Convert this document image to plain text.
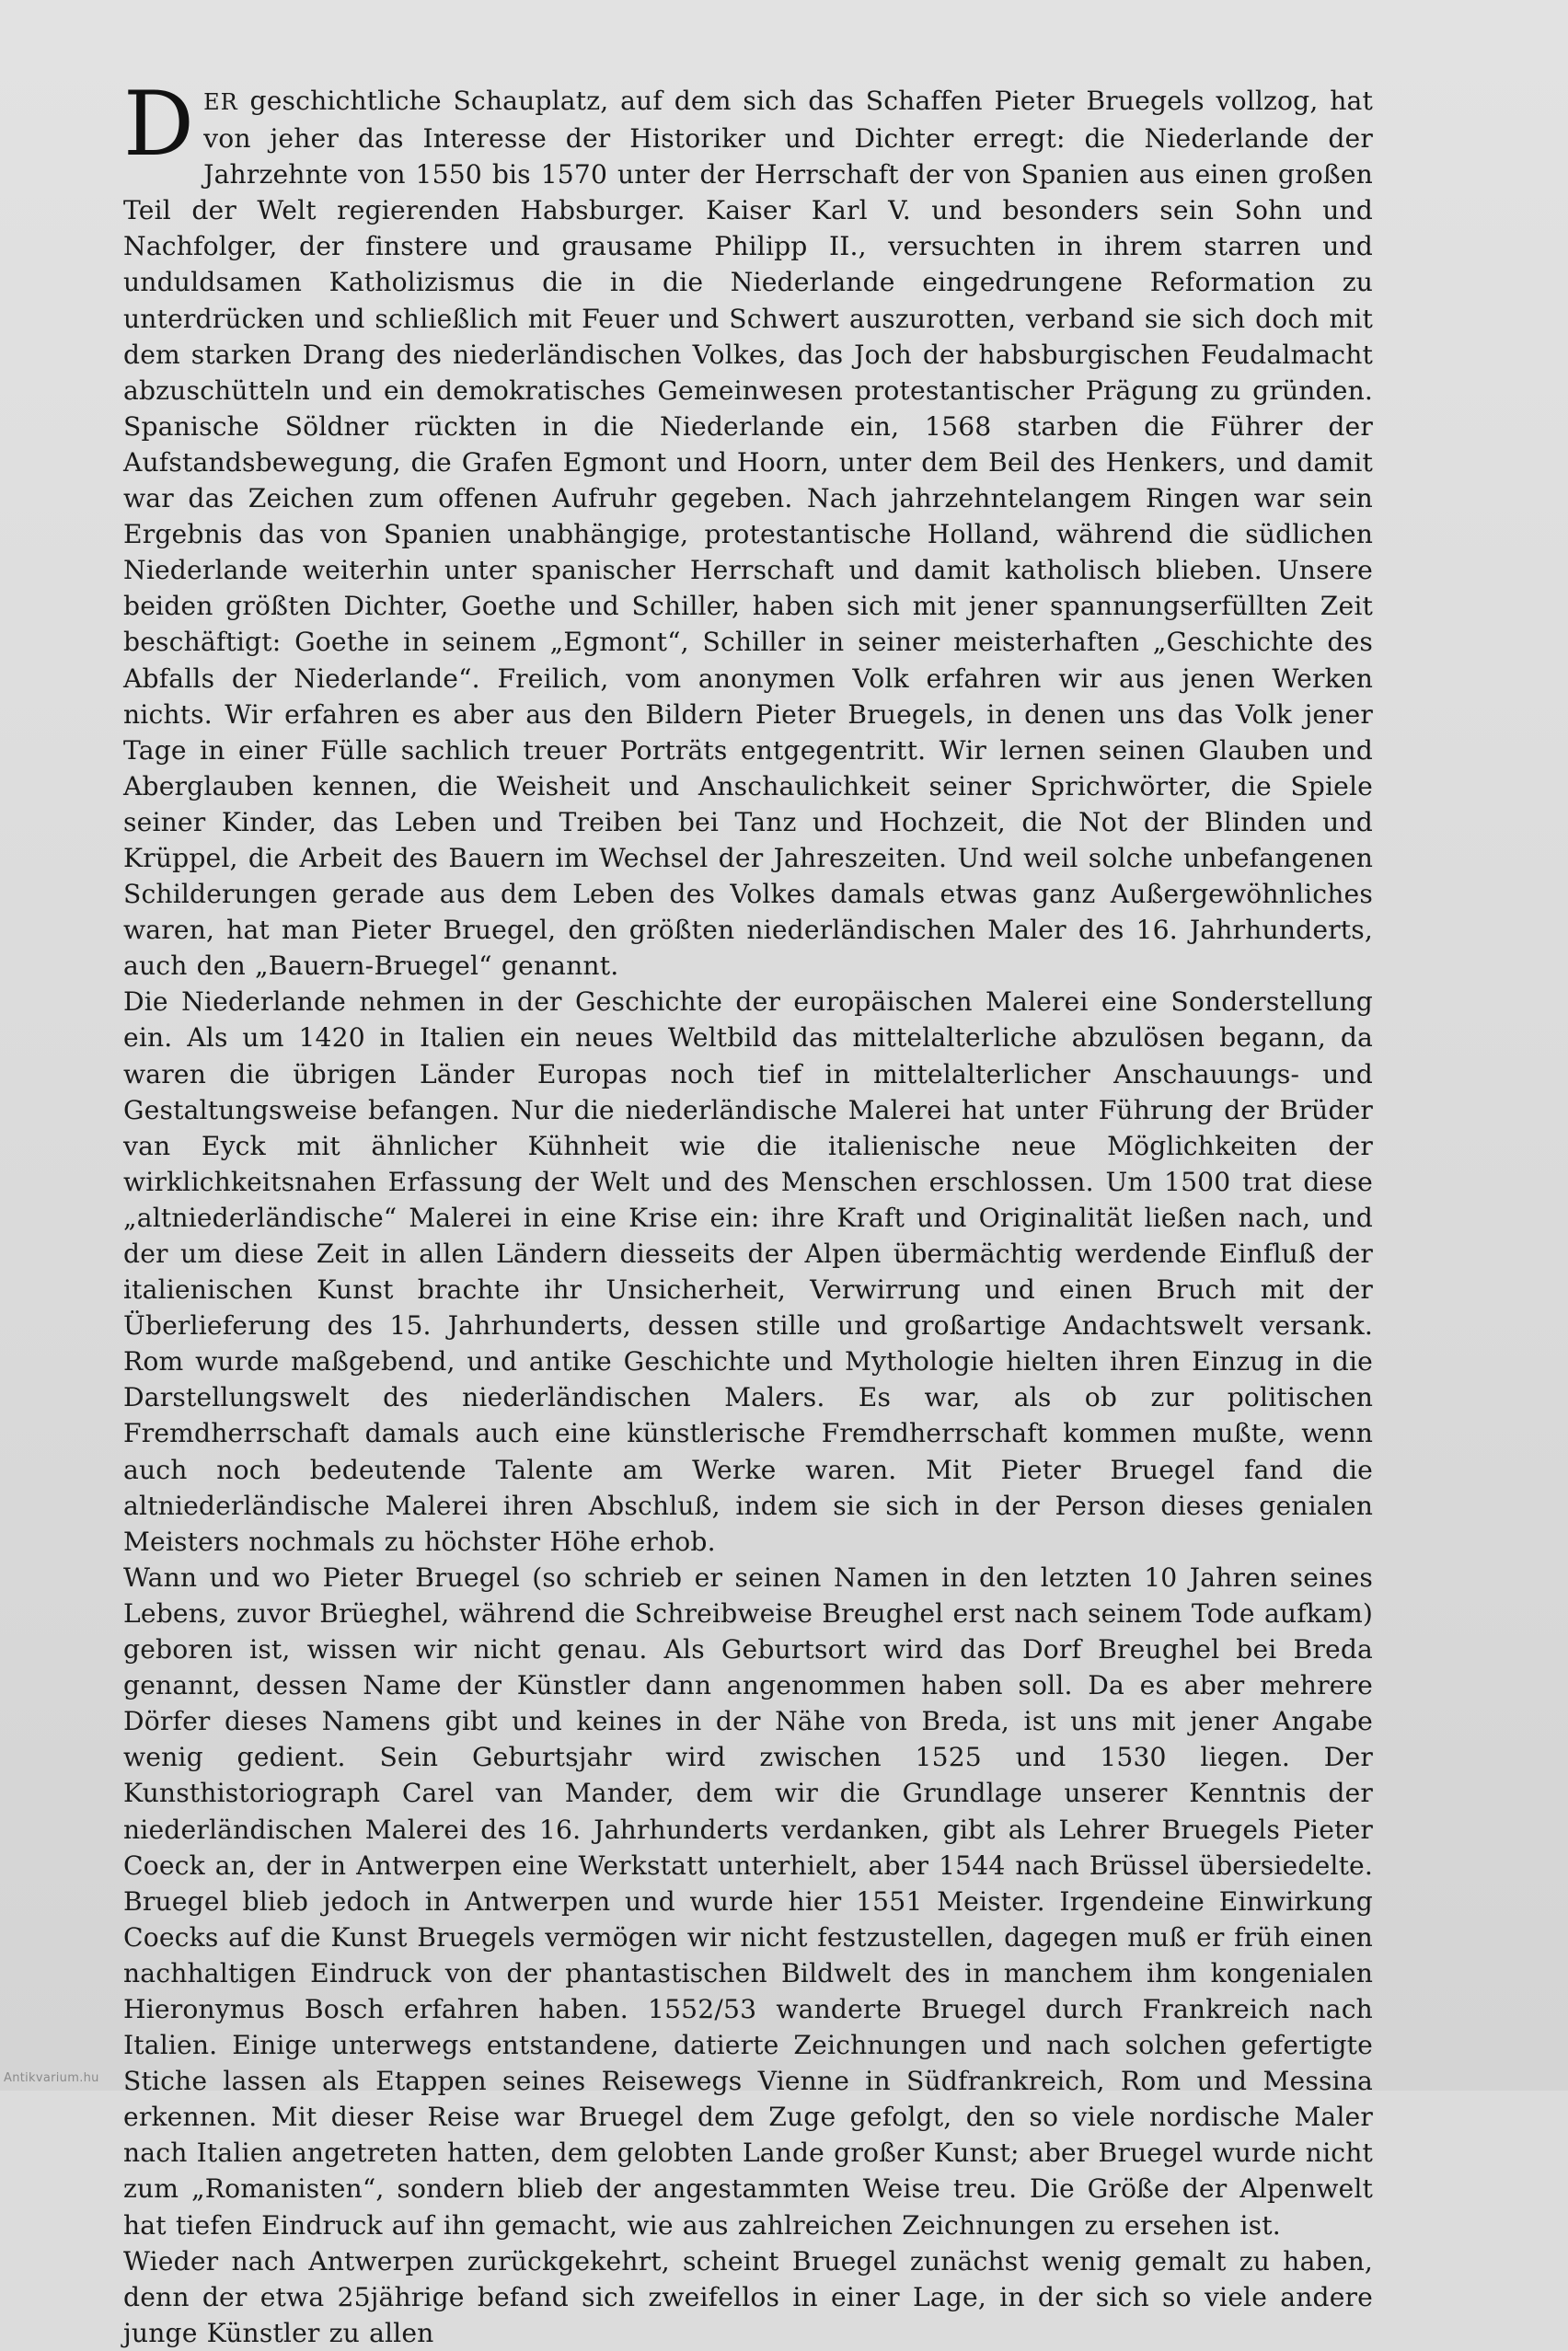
DER geschichtliche Schauplatz, auf dem sich das Schaffen Pieter Bruegels vollzog, hat von jeher das Interesse der Historiker und Dichter erregt: die Niederlande der Jahrzehnte von 1550 bis 1570 unter der Herrschaft der von Spanien aus einen großen Teil der Welt regierenden Habsburger. Kaiser Karl V. und besonders sein Sohn und Nachfolger, der finstere und grausame Philipp II., versuchten in ihrem starren und unduldsamen Katholizismus die in die Niederlande eingedrungene Reformation zu unterdrücken und schließlich mit Feuer und Schwert auszurotten, verband sie sich doch mit dem starken Drang des niederländischen Volkes, das Joch der habsburgischen Feudalmacht abzuschütteln und ein demokratisches Gemeinwesen protestantischer Prägung zu gründen. Spanische Söldner rückten in die Niederlande ein, 1568 starben die Führer der Aufstandsbewegung, die Grafen Egmont und Hoorn, unter dem Beil des Henkers, und damit war das Zeichen zum offenen Aufruhr gegeben. Nach jahrzehntelangem Ringen war sein Ergebnis das von Spanien unabhängige, protestantische Holland, während die südlichen Niederlande weiterhin unter spanischer Herrschaft und damit katholisch blieben. Unsere beiden größten Dichter, Goethe und Schiller, haben sich mit jener spannungserfüllten Zeit beschäftigt: Goethe in seinem „Egmont“, Schiller in seiner meisterhaften „Geschichte des Abfalls der Niederlande“. Freilich, vom anonymen Volk erfahren wir aus jenen Werken nichts. Wir erfahren es aber aus den Bildern Pieter Bruegels, in denen uns das Volk jener Tage in einer Fülle sachlich treuer Porträts entgegentritt. Wir lernen seinen Glauben und Aberglauben kennen, die Weisheit und Anschaulichkeit seiner Sprichwörter, die Spiele seiner Kinder, das Leben und Treiben bei Tanz und Hochzeit, die Not der Blinden und Krüppel, die Arbeit des Bauern im Wechsel der Jahreszeiten. Und weil solche unbefangenen Schilderungen gerade aus dem Leben des Volkes damals etwas ganz Außergewöhnliches waren, hat man Pieter Bruegel, den größten niederländischen Maler des 16. Jahrhunderts, auch den „Bauern-Bruegel“ genannt.

Die Niederlande nehmen in der Geschichte der europäischen Malerei eine Sonderstellung ein. Als um 1420 in Italien ein neues Weltbild das mittelalterliche abzulösen begann, da waren die übrigen Länder Europas noch tief in mittelalterlicher Anschauungs- und Gestaltungsweise befangen. Nur die niederländische Malerei hat unter Führung der Brüder van Eyck mit ähnlicher Kühnheit wie die italienische neue Möglichkeiten der wirklichkeitsnahen Erfassung der Welt und des Menschen erschlossen. Um 1500 trat diese „altniederländische“ Malerei in eine Krise ein: ihre Kraft und Originalität ließen nach, und der um diese Zeit in allen Ländern diesseits der Alpen übermächtig werdende Einfluß der italienischen Kunst brachte ihr Unsicherheit, Verwirrung und einen Bruch mit der Überlieferung des 15. Jahrhunderts, dessen stille und großartige Andachtswelt versank. Rom wurde maßgebend, und antike Geschichte und Mythologie hielten ihren Einzug in die Darstellungswelt des niederländischen Malers. Es war, als ob zur politischen Fremdherrschaft damals auch eine künstlerische Fremdherrschaft kommen mußte, wenn auch noch bedeutende Talente am Werke waren. Mit Pieter Bruegel fand die altniederländische Malerei ihren Abschluß, indem sie sich in der Person dieses genialen Meisters nochmals zu höchster Höhe erhob.

Wann und wo Pieter Bruegel (so schrieb er seinen Namen in den letzten 10 Jahren seines Lebens, zuvor Brüeghel, während die Schreibweise Breughel erst nach seinem Tode aufkam) geboren ist, wissen wir nicht genau. Als Geburtsort wird das Dorf Breughel bei Breda genannt, dessen Name der Künstler dann angenommen haben soll. Da es aber mehrere Dörfer dieses Namens gibt und keines in der Nähe von Breda, ist uns mit jener Angabe wenig gedient. Sein Geburtsjahr wird zwischen 1525 und 1530 liegen. Der Kunsthistoriograph Carel van Mander, dem wir die Grundlage unserer Kenntnis der niederländischen Malerei des 16. Jahrhunderts verdanken, gibt als Lehrer Bruegels Pieter Coeck an, der in Antwerpen eine Werkstatt unterhielt, aber 1544 nach Brüssel übersiedelte. Bruegel blieb jedoch in Antwerpen und wurde hier 1551 Meister. Irgendeine Einwirkung Coecks auf die Kunst Bruegels vermögen wir nicht festzustellen, dagegen muß er früh einen nachhaltigen Eindruck von der phantastischen Bildwelt des in manchem ihm kongenialen Hieronymus Bosch erfahren haben. 1552/53 wanderte Bruegel durch Frankreich nach Italien. Einige unterwegs entstandene, datierte Zeichnungen und nach solchen gefertigte Stiche lassen als Etappen seines Reisewegs Vienne in Südfrankreich, Rom und Messina erkennen. Mit dieser Reise war Bruegel dem Zuge gefolgt, den so viele nordische Maler nach Italien angetreten hatten, dem gelobten Lande großer Kunst; aber Bruegel wurde nicht zum „Romanisten“, sondern blieb der angestammten Weise treu. Die Größe der Alpenwelt hat tiefen Eindruck auf ihn gemacht, wie aus zahlreichen Zeichnungen zu ersehen ist.

Wieder nach Antwerpen zurückgekehrt, scheint Bruegel zunächst wenig gemalt zu haben, denn der etwa 25jährige befand sich zweifellos in einer Lage, in der sich so viele andere junge Künstler zu allen

Antikvarium.hu
